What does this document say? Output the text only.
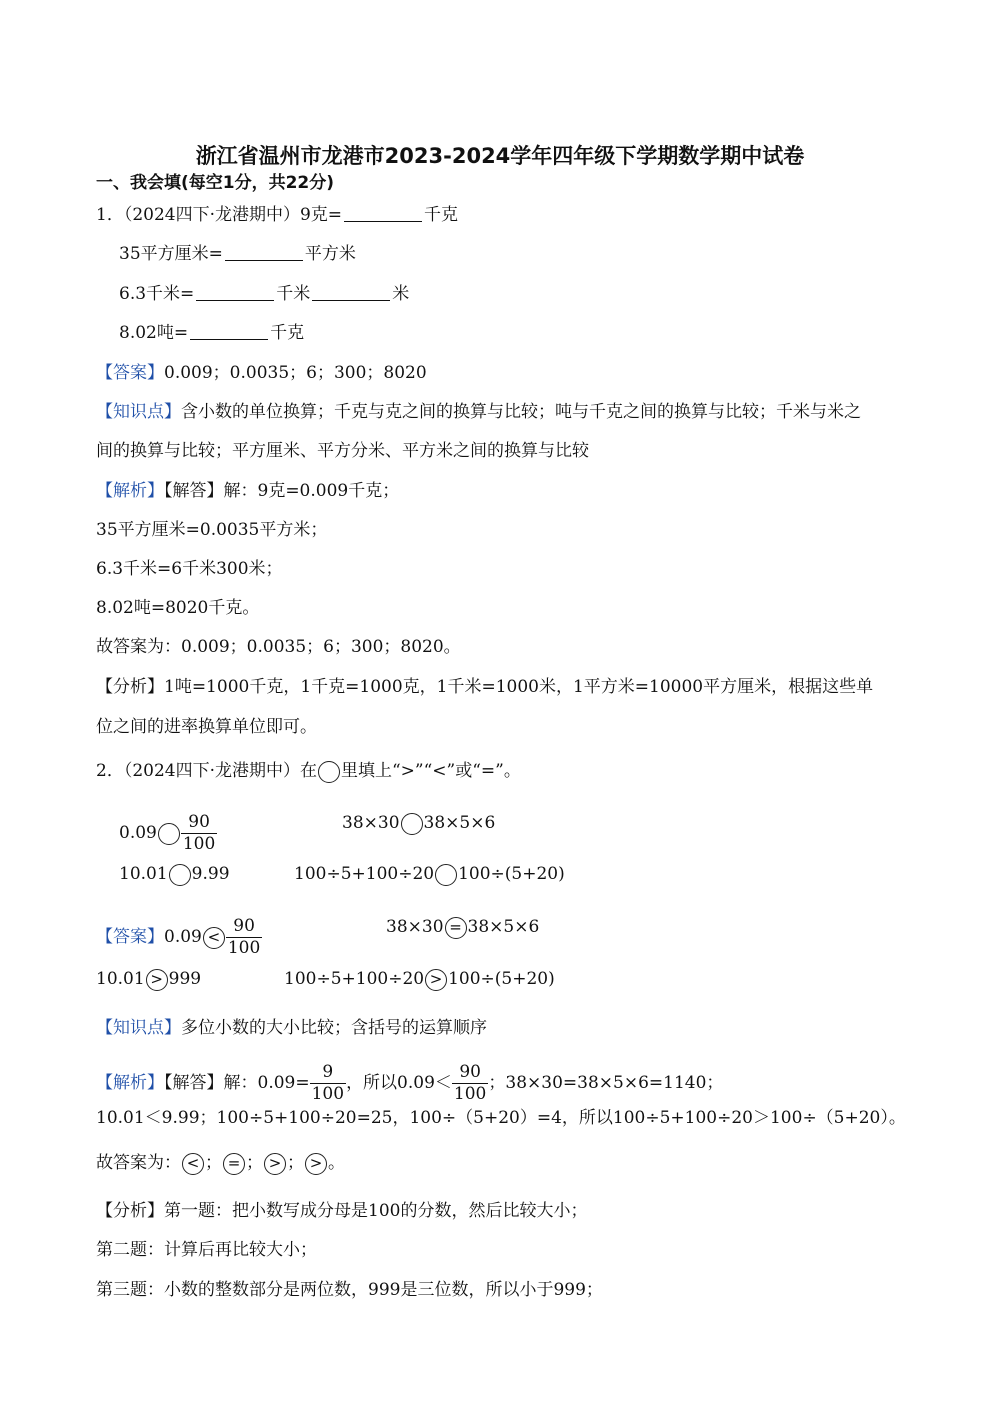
浙江省温州市龙港市2023-2024学年四年级下学期数学期中试卷
一、我会填(每空1分，共22分)
1．（2024四下·龙港期中）9克=	千克
35平方厘米=	平方米
6.3千米=	千米	米
8.02吨=	千克
【答案】0.009；0.0035；6；300；8020
【知识点】含小数的单位换算；千克与克之间的换算与比较；吨与千克之间的换算与比较；千米与米之
间的换算与比较；平方厘米、平方分米、平方米之间的换算与比较
【解析】【解答】解：9克=0.009千克；
35平方厘米=0.0035平方米；
6.3千米=6千米300米；
8.02吨=8020千克。
故答案为：0.009；0.0035；6；300；8020。
【分析】1吨=1000千克，1千克=1000克，1千米=1000米，1平方米=10000平方厘米，根据这些单
位之间的进率换算单位即可。
2．（2024四下·龙港期中）在 里填上“>”“<”或“=”。
$0.09 \frac{90}{100}$	38×30 38×5×6
10.01 9.99	100÷5+100÷20 100÷(5+20)
【答案】$0.09 < \frac{90}{100}$	38×30 = 38×5×6
10.01 > 999	100÷5+100÷20 > 100÷(5+20)
【知识点】多位小数的大小比较；含括号的运算顺序
【解析】【解答】解：$0.09= \frac{9}{100}$ ，所以$0.09< \frac{90}{100}$ ；38×30=38×5×6=1140；
10.01＜9.99；100÷5+100÷20=25，100÷（5+20）=4，所以100÷5+100÷20＞100÷（5+20）。
故答案为： < ； = ； > ； > 。
【分析】第一题：把小数写成分母是100的分数，然后比较大小；
第二题：计算后再比较大小；
第三题：小数的整数部分是两位数，999是三位数，所以小于999；
